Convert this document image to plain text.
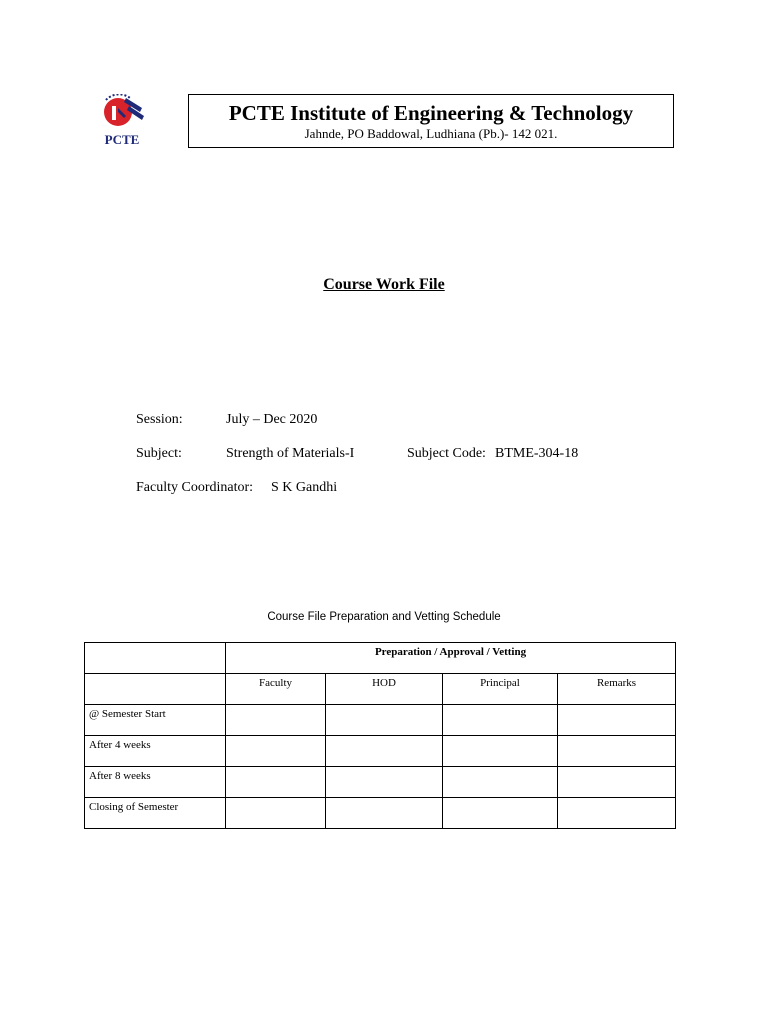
PCTE
PCTE Institute of Engineering & Technology
Jahnde, PO Baddowal, Ludhiana (Pb.)- 142 021.
Course Work File
Session:	July – Dec 2020
Subject:	Strength of Materials-I	Subject Code: BTME-304-18
Faculty Coordinator: S K Gandhi
Course File Preparation and Vetting Schedule
	Preparation / Approval / Vetting			
	Faculty	HOD	Principal	Remarks
@ Semester Start				
After 4 weeks				
After 8 weeks				
Closing of Semester				
